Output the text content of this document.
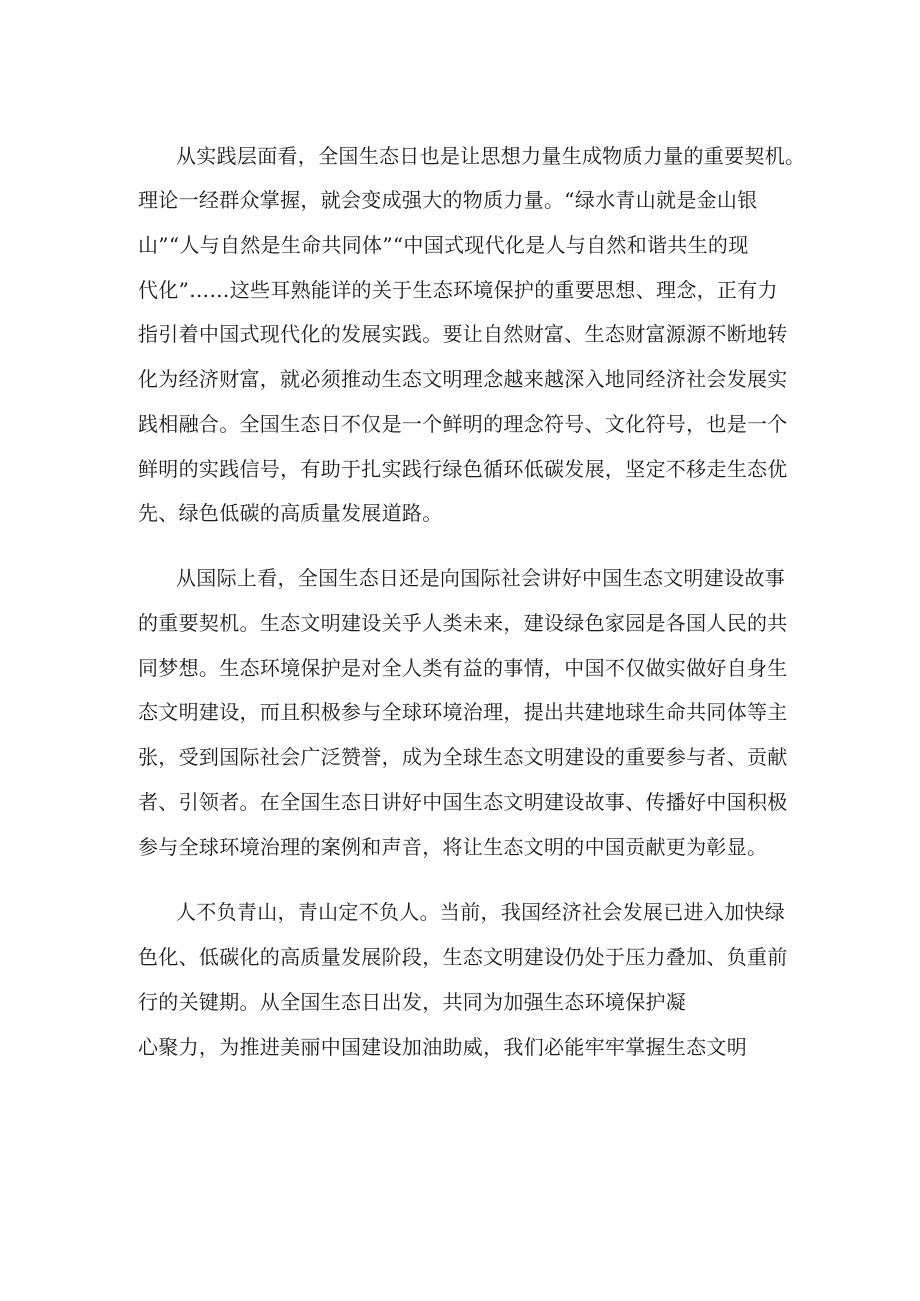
从实践层面看，全国生态日也是让思想力量生成物质力量的重要契机。
理论一经群众掌握，就会变成强大的物质力量。“绿水青山就是金山银
山”“人与自然是生命共同体”“中国式现代化是人与自然和谐共生的现
代化”……这些耳熟能详的关于生态环境保护的重要思想、理念，正有力
指引着中国式现代化的发展实践。要让自然财富、生态财富源源不断地转
化为经济财富，就必须推动生态文明理念越来越深入地同经济社会发展实
践相融合。全国生态日不仅是一个鲜明的理念符号、文化符号，也是一个
鲜明的实践信号，有助于扎实践行绿色循环低碳发展，坚定不移走生态优
先、绿色低碳的高质量发展道路。
从国际上看，全国生态日还是向国际社会讲好中国生态文明建设故事
的重要契机。生态文明建设关乎人类未来，建设绿色家园是各国人民的共
同梦想。生态环境保护是对全人类有益的事情，中国不仅做实做好自身生
态文明建设，而且积极参与全球环境治理，提出共建地球生命共同体等主
张，受到国际社会广泛赞誉，成为全球生态文明建设的重要参与者、贡献
者、引领者。在全国生态日讲好中国生态文明建设故事、传播好中国积极
参与全球环境治理的案例和声音，将让生态文明的中国贡献更为彰显。
人不负青山，青山定不负人。当前，我国经济社会发展已进入加快绿
色化、低碳化的高质量发展阶段，生态文明建设仍处于压力叠加、负重前
行的关键期。从全国生态日出发，共同为加强生态环境保护凝
心聚力，为推进美丽中国建设加油助威，我们必能牢牢掌握生态文明
